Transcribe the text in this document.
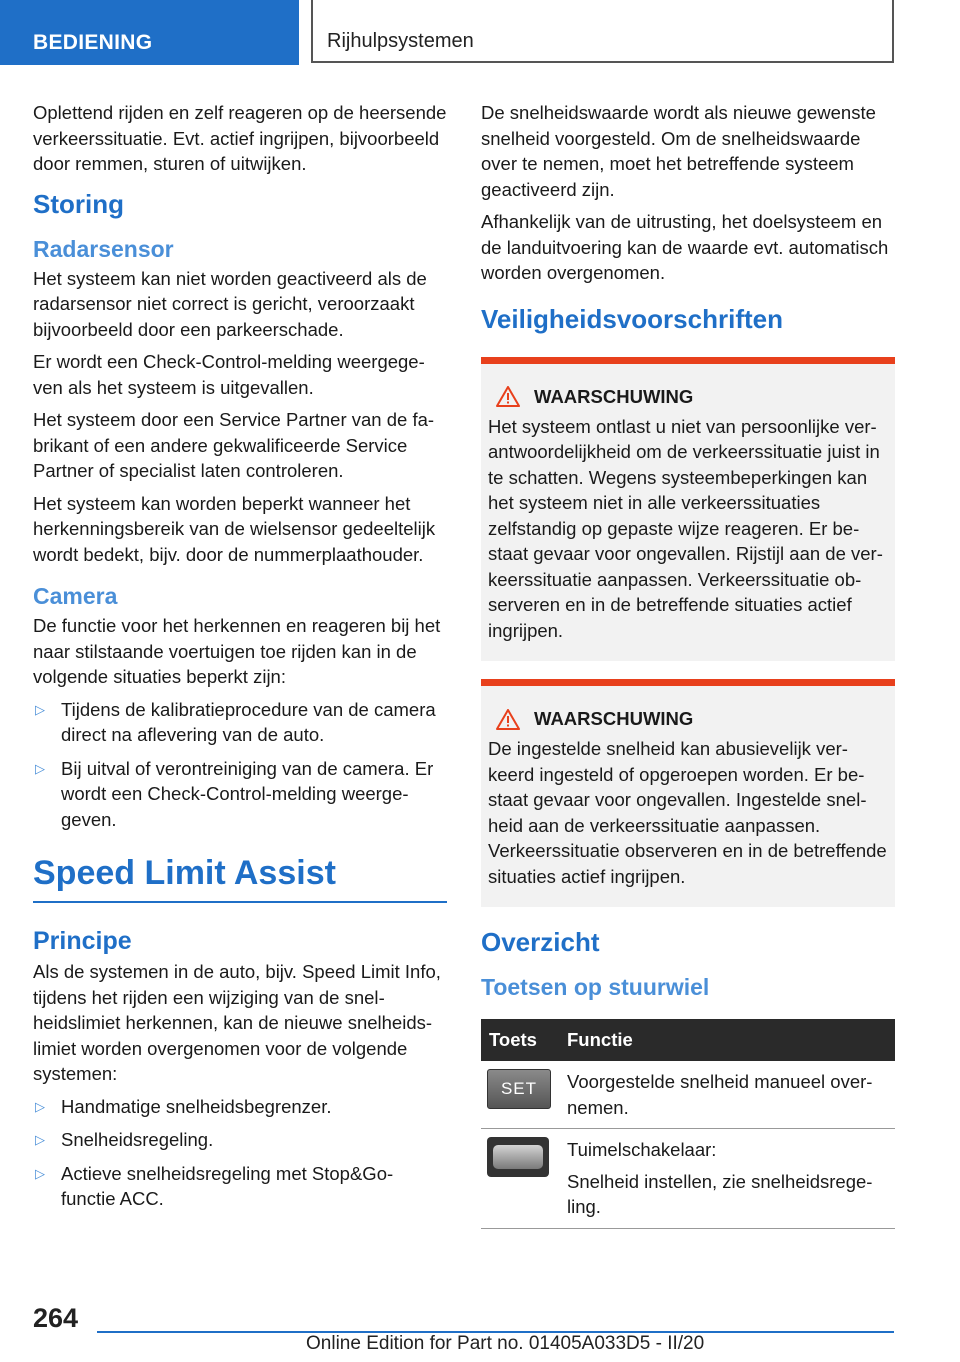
BEDIENING	Rijhulpsystemen

Oplettend rijden en zelf reageren op de heersende verkeerssituatie. Evt. actief ingrijpen, bijvoorbeeld door remmen, sturen of uitwijken.

Storing
Radarsensor

Het systeem kan niet worden geactiveerd als de radarsensor niet correct is gericht, veroorzaakt bijvoorbeeld door een parkeerschade.

Er wordt een Check-Control-melding weergegeven als het systeem is uitgevallen.

Het systeem door een Service Partner van de fabrikant of een andere gekwalificeerde Service Partner of specialist laten controleren.

Het systeem kan worden beperkt wanneer het herkenningsbereik van de wielsensor gedeeltelijk wordt bedekt, bijv. door de nummerplaathouder.

Camera

De functie voor het herkennen en reageren bij het naar stilstaande voertuigen toe rijden kan in de volgende situaties beperkt zijn:

▷ Tijdens de kalibratieprocedure van de camera direct na aflevering van de auto.
▷ Bij uitval of verontreiniging van de camera. Er wordt een Check-Control-melding weergegeven.
Speed Limit Assist
Principe

Als de systemen in de auto, bijv. Speed Limit Info, tijdens het rijden een wijziging van de snelheidslimiet herkennen, kan de nieuwe snelheidslimiet worden overgenomen voor de volgende systemen:

▷ Handmatige snelheidsbegrenzer.
▷ Snelheidsregeling.
▷ Actieve snelheidsregeling met Stop&Go-functie ACC.

De snelheidswaarde wordt als nieuwe gewenste snelheid voorgesteld. Om de snelheidswaarde over te nemen, moet het betreffende systeem geactiveerd zijn.

Afhankelijk van de uitrusting, het doelsysteem en de landuitvoering kan de waarde evt. automatisch worden overgenomen.

Veiligheidsvoorschriften
WAARSCHUWING

Het systeem ontlast u niet van persoonlijke verantwoordelijkheid om de verkeerssituatie juist in te schatten. Wegens systeembeperkingen kan het systeem niet in alle verkeerssituaties zelfstandig op gepaste wijze reageren. Er bestaat gevaar voor ongevallen. Rijstijl aan de verkeerssituatie aanpassen. Verkeerssituatie observeren en in de betreffende situaties actief ingrijpen.

WAARSCHUWING

De ingestelde snelheid kan abusievelijk verkeerd ingesteld of opgeroepen worden. Er bestaat gevaar voor ongevallen. Ingestelde snelheid aan de verkeerssituatie aanpassen. Verkeerssituatie observeren en in de betreffende situaties actief ingrijpen.

Overzicht
Toetsen op stuurwiel
Toets	Functie

SET	Voorgestelde snelheid manueel overnemen.

	Tuimelschakelaar:
Snelheid instellen, zie snelheidsregeling.
264
Online Edition for Part no. 01405A033D5 - II/20
